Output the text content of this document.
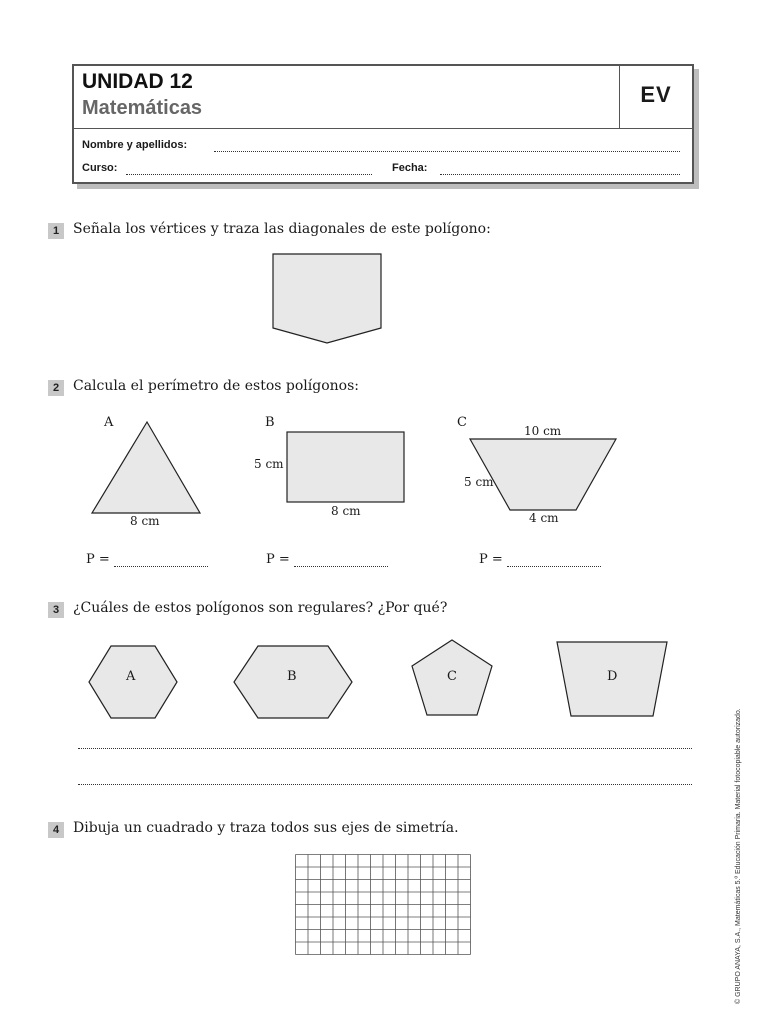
UNIDAD 12
Matemáticas
EV
Nombre y apellidos:
Curso:	Fecha:
1 Señala los vértices y traza las diagonales de este polígono:
2 Calcula el perímetro de estos polígonos:
A
8 cm
B
5 cm
8 cm
C
10 cm
5 cm
4 cm
P =	P =	P =
3 ¿Cuáles de estos polígonos son regulares? ¿Por qué?
A	B	C	D
4 Dibuja un cuadrado y traza todos sus ejes de simetría.	© GRUPO ANAYA, S.A., Matemáticas 5.º Educación Primaria. Material fotocopiable autorizado.
